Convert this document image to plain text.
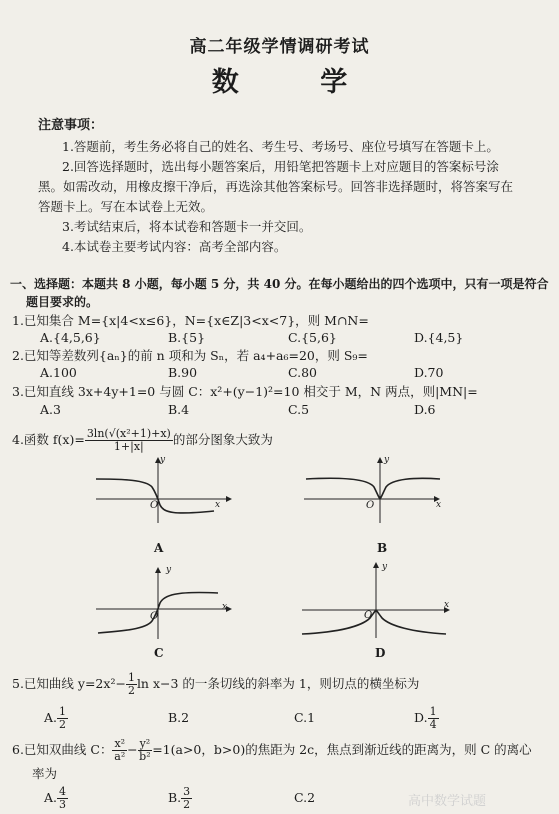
高二年级学情调研考试
数 学
注意事项：
1.答题前，考生务必将自己的姓名、考生号、考场号、座位号填写在答题卡上。
2.回答选择题时，选出每小题答案后，用铅笔把答题卡上对应题目的答案标号涂
黑。如需改动，用橡皮擦干净后，再选涂其他答案标号。回答非选择题时，将答案写在
答题卡上。写在本试卷上无效。
3.考试结束后，将本试卷和答题卡一并交回。
4.本试卷主要考试内容：高考全部内容。
一、选择题：本题共 8 小题，每小题 5 分，共 40 分。在每小题给出的四个选项中，只有一项是符合
题目要求的。
1.已知集合 M={x|4<x≤6}，N={x∈Z|3<x<7}，则 M∩N=
A.{4,5,6}	B.{5}	C.{5,6}	D.{4,5}
2.已知等差数列{aₙ}的前 n 项和为 Sₙ，若 a₄+a₆=20，则 S₉=
A.100	B.90	C.80	D.70
3.已知直线 3x+4y+1=0 与圆 C：x²+(y−1)²=10 相交于 M，N 两点，则|MN|=
A.3	B.4	C.5	D.6
4.函数 $f(x)= \frac{\text{3ln(√(x²+1)+x)}}{1+|x|}$ 的部分图象大致为
y
x
O
A
y
x
O
B
y
x
O
C
y
x
O
D
5.已知曲线 $y=2x^2- \frac{1}{2}$ ln x−3 的一条切线的斜率为 1，则切点的横坐标为
A. $\frac{1}{2}$	B.2	C.1	D. $\frac{1}{4}$
6.已知双曲线 C： $\frac{\text{x²}}{\text{a²}} - \frac{\text{y²}}{\text{b²}} =1(a>0$，b>0)的焦距为 2c，焦点到渐近线的距离为，则 C 的离心
率为
A. $\frac{4}{3}$	B. $\frac{3}{2}$	C.2	高中数学试题
